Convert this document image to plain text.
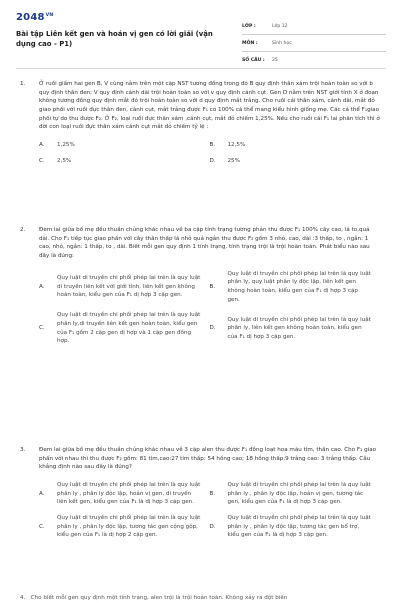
$2048^{VN}$
Bài tập Liên kết gen và hoán vị gen có lời giải (vận dụng cao - P1)
LỚP :	Lớp 12
MÔN :	Sinh học
SỐ CÂU : 25
1.	Ở ruồi giấm hai gen B, V cùng nằm trên một cặp NST tương đồng trong đó B quy định thân xám trội hoàn toàn so với b quy định thân đen; V quy định cánh dài trội hoàn toàn so với v quy định cánh cụt. Gen D nằm trên NST giới tính X ở đoạn không tương đồng quy định mắt đỏ trội hoàn toàn so với d quy định mắt trắng. Cho ruồi cái thân xám, cánh dài, mắt đỏ giao phối với ruồi đực thân đen, cánh cụt, mắt trắng được F₁ có 100% cá thể mang kiểu hình giống mẹ. Các cá thể F₁giao phối tự do thu được F₂. Ở F₂, loại ruồi đực thân xám ,cánh cụt, mắt đỏ chiếm 1,25%. Nếu cho ruồi cái F₁ lai phân tích thì ở đời con loại ruồi đực thân xám cánh cụt mắt đỏ chiếm tỷ lệ :
A.	1,25%	B.	12,5%
C.	2,5%	D.	25%
2.	Đem lai giữa bố mẹ đều thuần chủng khác nhau về ba cặp tính trạng tương phản thu được F₁ 100% cây cao, lá to,quả dài. Cho F₁ tiếp tục giao phấn với cây thân thấp lá nhỏ quả ngắn thu được F₂ gồm 3 nhỏ, cao, dài :3 thấp, to , ngắn: 1 cao, nhỏ, ngắn: 1 thấp, to , dài. Biết mỗi gen quy định 1 tính trạng, tính trạng trội là trội hoàn toàn. Phát biểu nào sau đây là đúng:
A.
Quy luật di truyền chi phối phép lai trên là quy luật di truyền liên kết với giới tính, liên kết gen không hoàn toàn, kiểu gen của F₁ dị hợp 3 cặp gen.
B.
Quy luật di truyền chi phối phép lai trên là quy luật phân ly, quy luật phân ly độc lập, liên kết gen không hoàn toàn, kiểu gen của F₁ dị hợp 3 cặp gen.
C.
Quy luật di truyền chi phối phép lai trên là quy luật phân ly,di truyền liên kết gen hoàn toàn, kiểu gen của F₁ gồm 2 cặp gen dị hợp và 1 cặp gen đồng hợp.
D.
Quy luật di truyền chi phối phép lai trên là quy luật phân ly, liên kết gen không hoàn toàn, kiểu gen của F₁ dị hợp 3 cặp gen.
3.	Đem lai giữa bố mẹ đều thuần chủng khác nhau về 3 cặp alen thu được F₁ đồng loạt hoa màu tím, thân cao. Cho F₁ giao phấn với nhau thì thu được F₂ gồm: 81 tím,cao:27 tím thấp: 54 hồng cao; 18 hồng thấp:9 trắng cao: 3 trắng thấp. Câu khẳng định nào sau đây là đúng?
A.
Quy luật di truyền chi phối phép lai trên là quy luật phân ly , phân ly độc lập, hoán vị gen, di truyền liên kết gen, kiểu gen của F₁ là dị hợp 3 cặp gen.
B.
Quy luật di truyền chi phối phép lai trên là quy luật phân ly , phân ly độc lập, hoán vị gen, tương tác gen, kiểu gen của F₁ là dị hợp 3 cặp gen.
C.
Quy luật di truyền chi phối phép lai trên là quy luật phân ly , phân ly độc lập, tương tác gen cộng gộp, kiểu gen của F₁ là dị hợp 2 cặp gen.
D.
Quy luật di truyền chi phối phép lai trên là quy luật phân ly , phân ly độc lập, tương tác gen bổ trợ, kiểu gen của F₁ là dị hợp 3 cặp gen.
4. Cho biết mỗi gen quy định một tính trạng, alen trội là trội hoàn toàn. Không xảy ra đột biến
